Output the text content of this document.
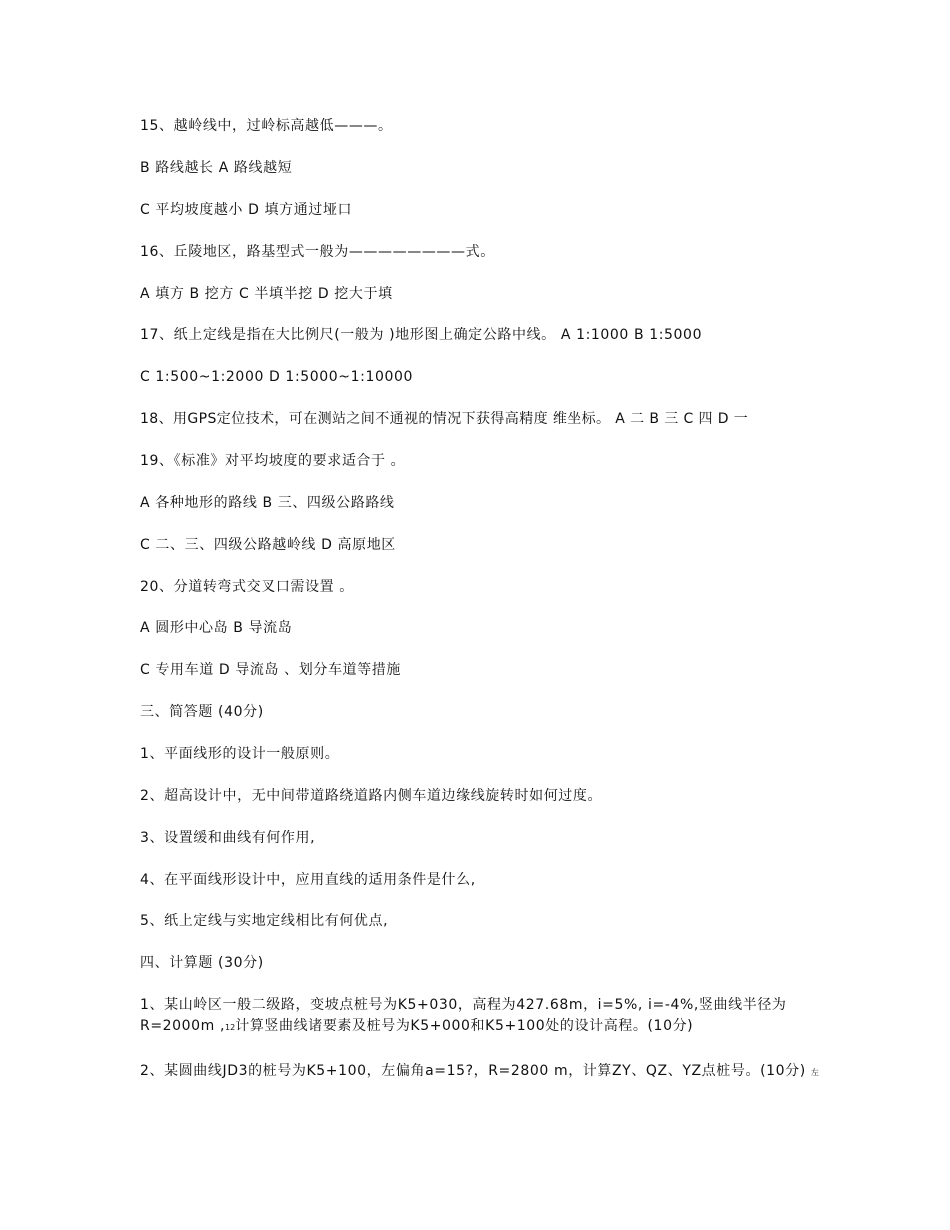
15、越岭线中，过岭标高越低———。
B 路线越长 A 路线越短
C 平均坡度越小 D 填方通过垭口
16、丘陵地区，路基型式一般为————————式。
A 填方 B 挖方 C 半填半挖 D 挖大于填
17、纸上定线是指在大比例尺(一般为 )地形图上确定公路中线。 A 1:1000 B 1:5000
C 1:500~1:2000 D 1:5000~1:10000
18、用GPS定位技术，可在测站之间不通视的情况下获得高精度 维坐标。 A 二 B 三 C 四 D 一
19、《标准》对平均坡度的要求适合于 。
A 各种地形的路线 B 三、四级公路路线
C 二、三、四级公路越岭线 D 高原地区
20、分道转弯式交叉口需设置 。
A 圆形中心岛 B 导流岛
C 专用车道 D 导流岛 、划分车道等措施
三、简答题 (40分)
1、平面线形的设计一般原则。
2、超高设计中，无中间带道路绕道路内侧车道边缘线旋转时如何过度。
3、设置缓和曲线有何作用,
4、在平面线形设计中，应用直线的适用条件是什么,
5、纸上定线与实地定线相比有何优点,
四、计算题 (30分)
1、某山岭区一般二级路，变坡点桩号为K5+030，高程为427.68m，i=5%, i=-4%,竖曲线半径为R=2000m ,12计算竖曲线诸要素及桩号为K5+000和K5+100处的设计高程。(10分)
2、某圆曲线JD3的桩号为K5+100，左偏角a=15?，R=2800 m，计算ZY、QZ、YZ点桩号。(10分) 左
